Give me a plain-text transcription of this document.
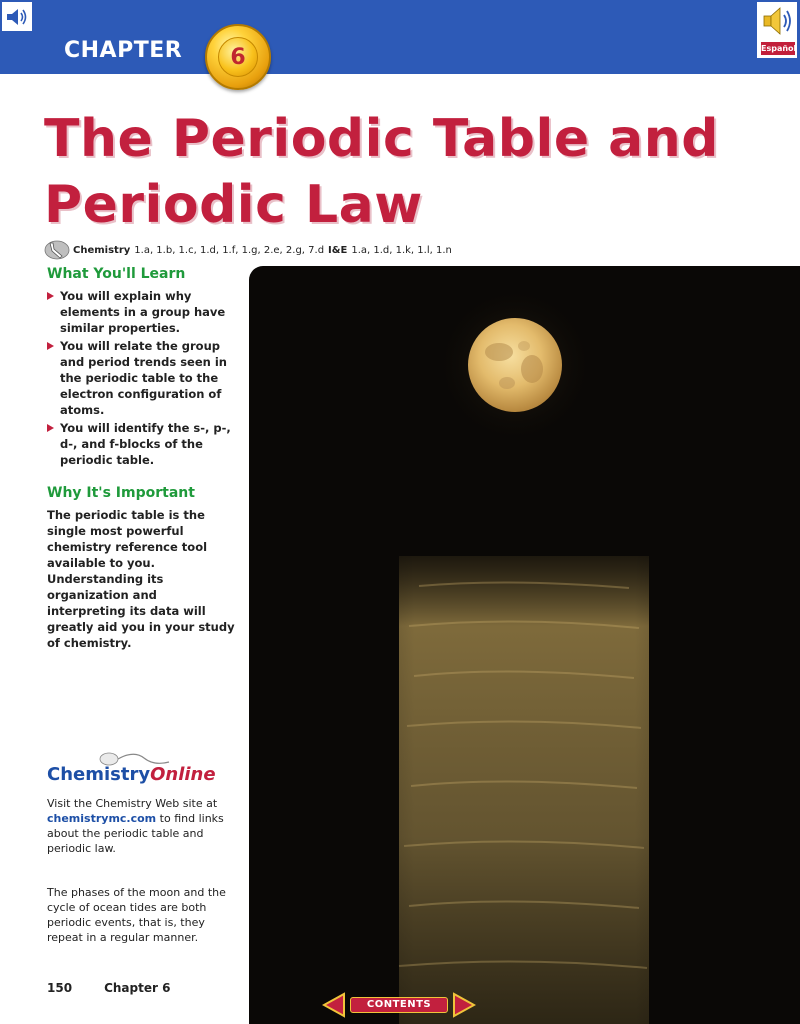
CHAPTER 6	Español
The Periodic Table and
Periodic Law
Chemistry 1.a, 1.b, 1.c, 1.d, 1.f, 1.g, 2.e, 2.g, 7.d I&E 1.a, 1.d, 1.k, 1.l, 1.n
What You'll Learn
You will explain why elements in a group have similar properties.
You will relate the group and period trends seen in the periodic table to the electron configuration of atoms.
You will identify the s-, p-, d-, and f-blocks of the periodic table.
Why It's Important
The periodic table is the single most powerful chemistry reference tool available to you. Understanding its organization and interpreting its data will greatly aid you in your study of chemistry.
ChemistryOnline
Visit the Chemistry Web site at chemistrymc.com to find links about the periodic table and periodic law.
The phases of the moon and the cycle of ocean tides are both periodic events, that is, they repeat in a regular manner.
150	Chapter 6
CONTENTS
